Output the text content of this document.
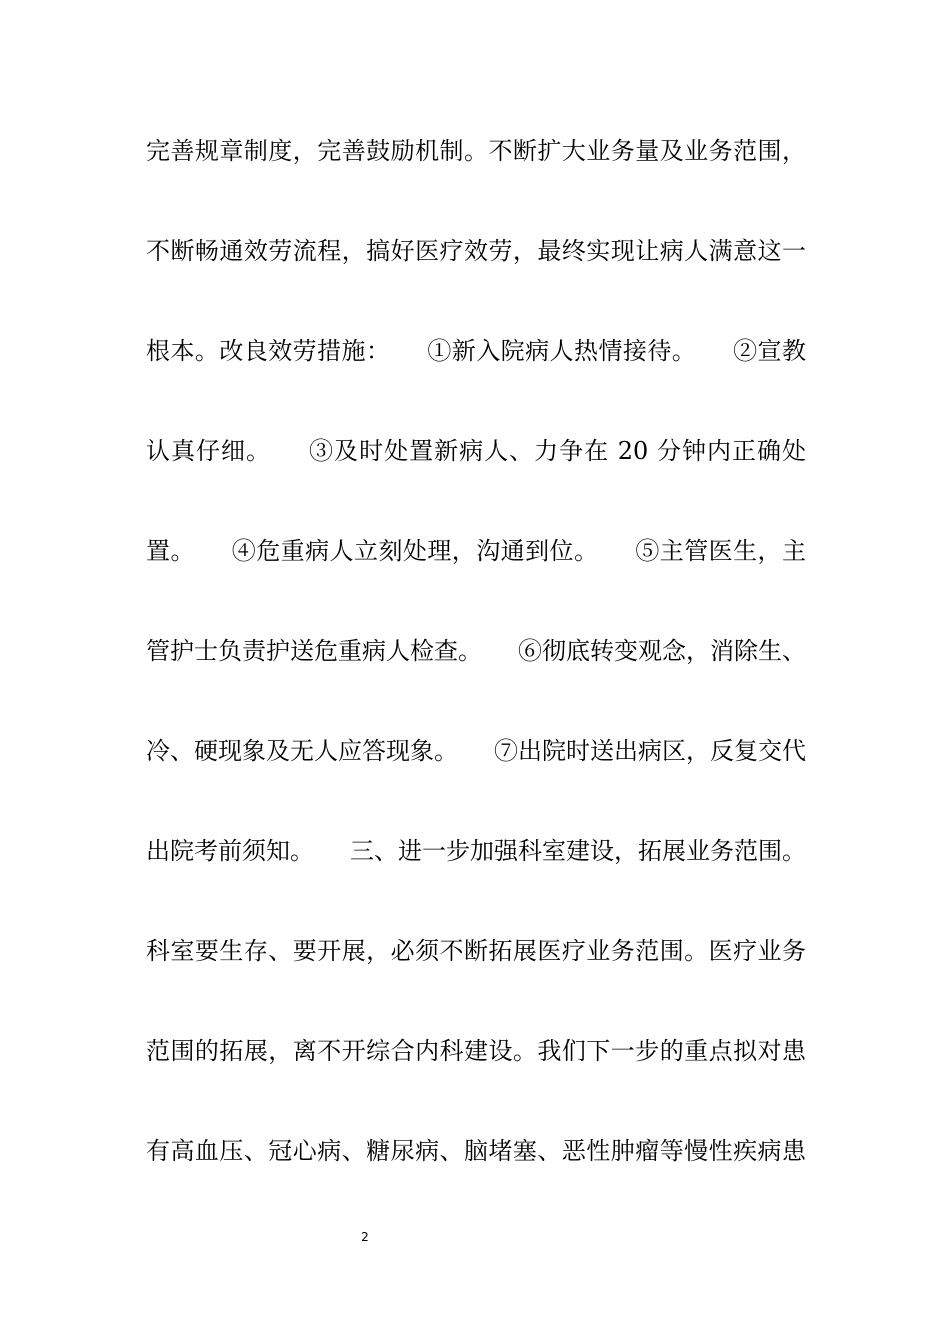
完善规章制度，完善鼓励机制。不断扩大业务量及业务范围，
不断畅通效劳流程，搞好医疗效劳，最终实现让病人满意这一
根本。改良效劳措施：　　①新入院病人热情接待。　　②宣教
认真仔细。　　③及时处置新病人、力争在 20 分钟内正确处
置。　　④危重病人立刻处理，沟通到位。　　⑤主管医生，主
管护士负责护送危重病人检查。　　⑥彻底转变观念，消除生、
冷、硬现象及无人应答现象。　　⑦出院时送出病区，反复交代
出院考前须知。　　三、进一步加强科室建设，拓展业务范围。
科室要生存、要开展，必须不断拓展医疗业务范围。医疗业务
范围的拓展，离不开综合内科建设。我们下一步的重点拟对患
有高血压、冠心病、糖尿病、脑堵塞、恶性肿瘤等慢性疾病患
2
